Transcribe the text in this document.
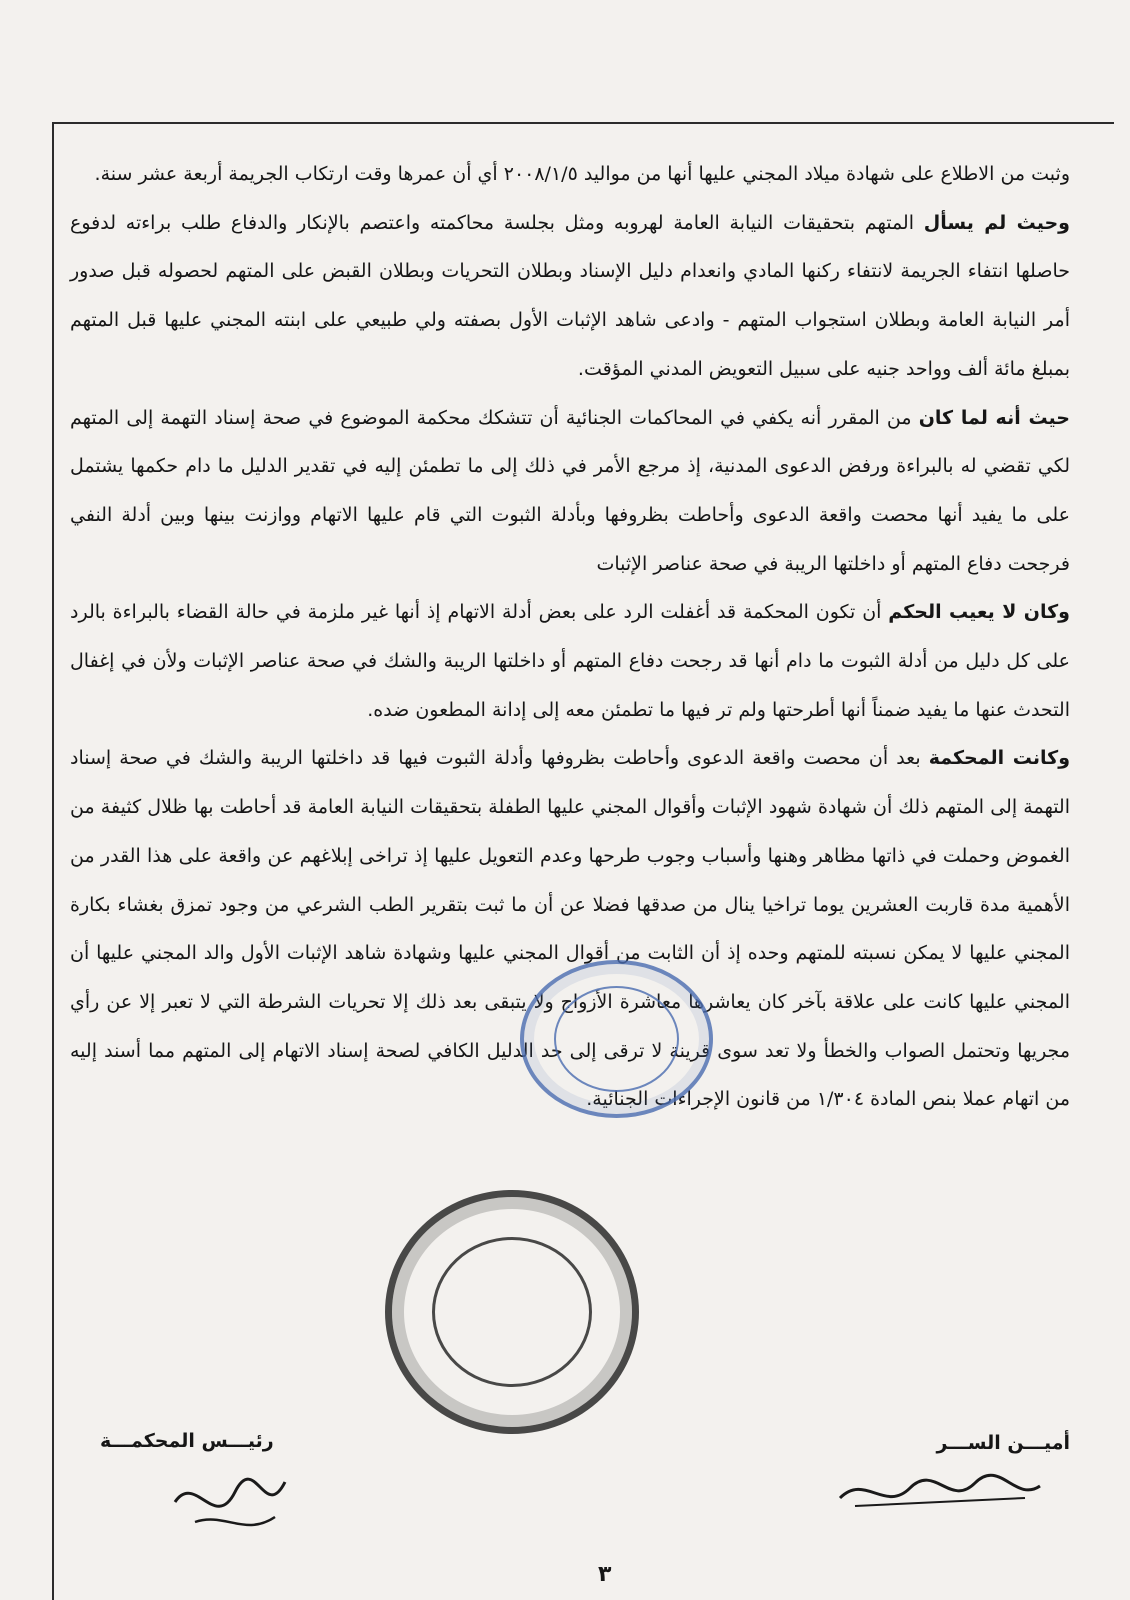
وثبت من الاطلاع على شهادة ميلاد المجني عليها أنها من مواليد ٢٠٠٨/١/٥ أي أن عمرها وقت ارتكاب الجريمة أربعة عشر سنة.

وحيث لم يسأل المتهم بتحقيقات النيابة العامة لهروبه ومثل بجلسة محاكمته واعتصم بالإنكار والدفاع طلب براءته لدفوع حاصلها انتفاء الجريمة لانتفاء ركنها المادي وانعدام دليل الإسناد وبطلان التحريات وبطلان القبض على المتهم لحصوله قبل صدور أمر النيابة العامة وبطلان استجواب المتهم - وادعى شاهد الإثبات الأول بصفته ولي طبيعي على ابنته المجني عليها قبل المتهم بمبلغ مائة ألف وواحد جنيه على سبيل التعويض المدني المؤقت.

حيث أنه لما كان من المقرر أنه يكفي في المحاكمات الجنائية أن تتشكك محكمة الموضوع في صحة إسناد التهمة إلى المتهم لكي تقضي له بالبراءة ورفض الدعوى المدنية، إذ مرجع الأمر في ذلك إلى ما تطمئن إليه في تقدير الدليل ما دام حكمها يشتمل على ما يفيد أنها محصت واقعة الدعوى وأحاطت بظروفها وبأدلة الثبوت التي قام عليها الاتهام ووازنت بينها وبين أدلة النفي فرجحت دفاع المتهم أو داخلتها الريبة في صحة عناصر الإثبات

وكان لا يعيب الحكم أن تكون المحكمة قد أغفلت الرد على بعض أدلة الاتهام إذ أنها غير ملزمة في حالة القضاء بالبراءة بالرد على كل دليل من أدلة الثبوت ما دام أنها قد رجحت دفاع المتهم أو داخلتها الريبة والشك في صحة عناصر الإثبات ولأن في إغفال التحدث عنها ما يفيد ضمناً أنها أطرحتها ولم تر فيها ما تطمئن معه إلى إدانة المطعون ضده.

وكانت المحكمة بعد أن محصت واقعة الدعوى وأحاطت بظروفها وأدلة الثبوت فيها قد داخلتها الريبة والشك في صحة إسناد التهمة إلى المتهم ذلك أن شهادة شهود الإثبات وأقوال المجني عليها الطفلة بتحقيقات النيابة العامة قد أحاطت بها ظلال كثيفة من الغموض وحملت في ذاتها مظاهر وهنها وأسباب وجوب طرحها وعدم التعويل عليها إذ تراخى إبلاغهم عن واقعة على هذا القدر من الأهمية مدة قاربت العشرين يوما تراخيا ينال من صدقها فضلا عن أن ما ثبت بتقرير الطب الشرعي من وجود تمزق بغشاء بكارة المجني عليها لا يمكن نسبته للمتهم وحده إذ أن الثابت من أقوال المجني عليها وشهادة شاهد الإثبات الأول والد المجني عليها أن المجني عليها كانت على علاقة بآخر كان يعاشرها معاشرة الأزواج ولا يتبقى بعد ذلك إلا تحريات الشرطة التي لا تعبر إلا عن رأي مجريها وتحتمل الصواب والخطأ ولا تعد سوى قرينة لا ترقى إلى حد الدليل الكافي لصحة إسناد الاتهام إلى المتهم مما أسند إليه من اتهام عملا بنص المادة ١/٣٠٤ من قانون الإجراءات الجنائية.

أميـــن الســـر
رئيـــس المحكمـــة
٣
